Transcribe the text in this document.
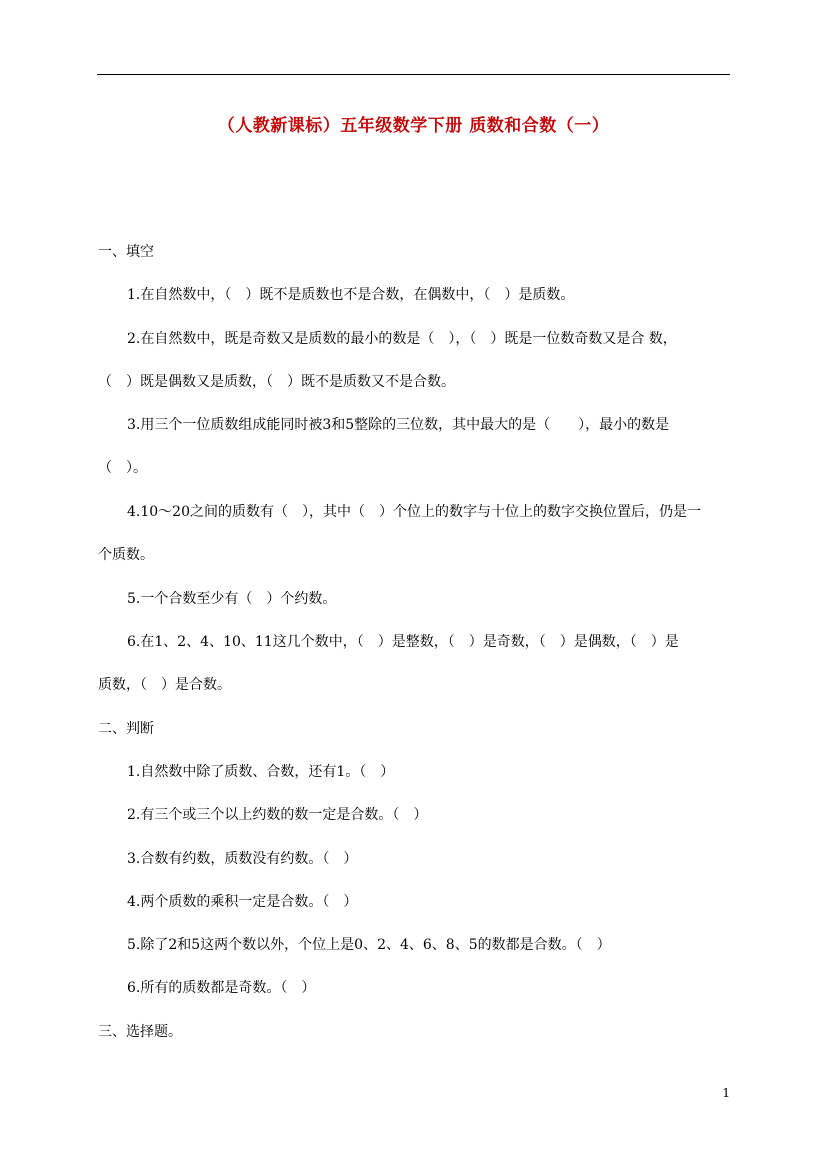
（人教新课标）五年级数学下册 质数和合数（一）
一、填空
1.在自然数中，（　）既不是质数也不是合数，在偶数中，（　）是质数。
2.在自然数中，既是奇数又是质数的最小的数是（　），（　）既是一位数奇数又是合 数，
（　）既是偶数又是质数，（　）既不是质数又不是合数。
3.用三个一位质数组成能同时被3和5整除的三位数，其中最大的是（　　），最小的数是
（　）。
4.10～20之间的质数有（　），其中（　）个位上的数字与十位上的数字交换位置后，仍是一
个质数。
5.一个合数至少有（　）个约数。
6.在1、2、4、10、11这几个数中，（　）是整数，（　）是奇数，（　）是偶数，（　）是
质数，（　）是合数。
二、判断
1.自然数中除了质数、合数，还有1。（　）
2.有三个或三个以上约数的数一定是合数。（　）
3.合数有约数，质数没有约数。（　）
4.两个质数的乘积一定是合数。（　）
5.除了2和5这两个数以外，个位上是0、2、4、6、8、5的数都是合数。（　）
6.所有的质数都是奇数。（　）
三、选择题。
1
